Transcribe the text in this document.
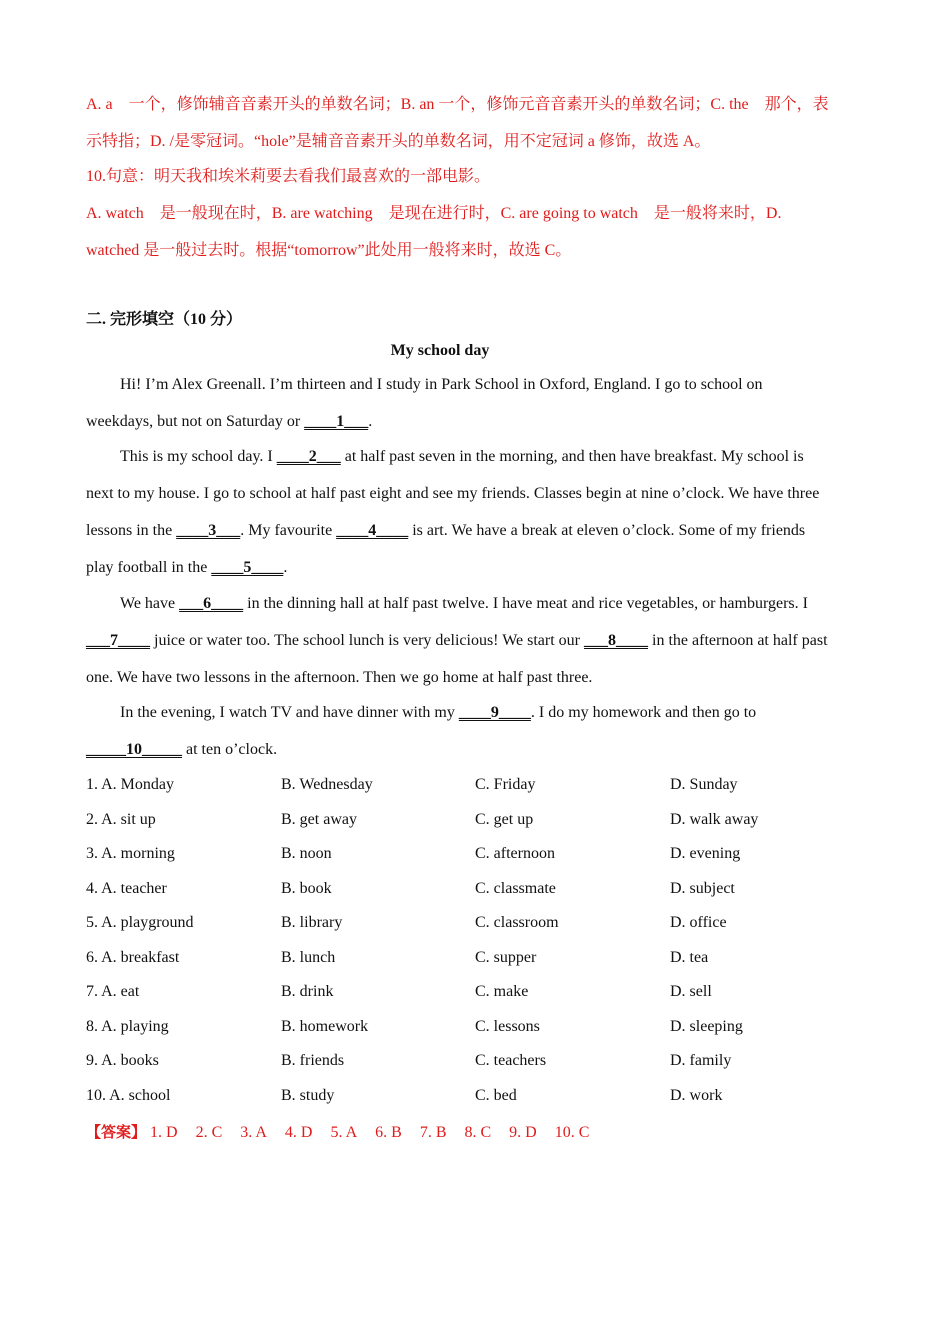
A. a　一个，修饰辅音音素开头的单数名词；B. an 一个，修饰元音音素开头的单数名词；C. the　那个，表
示特指；D. /是零冠词。“hole”是辅音音素开头的单数名词，用不定冠词 a 修饰，故选 A。
10.句意：明天我和埃米莉要去看我们最喜欢的一部电影。
A. watch　是一般现在时，B. are watching　是现在进行时，C. are going to watch　是一般将来时，D.
watched 是一般过去时。根据“tomorrow”此处用一般将来时，故选 C。
二. 完形填空（10 分）
My school day
Hi! I’m Alex Greenall. I’m thirteen and I study in Park School in Oxford, England. I go to school on
weekdays, but not on Saturday or ____1___.
This is my school day. I ____2___ at half past seven in the morning, and then have breakfast. My school is
next to my house. I go to school at half past eight and see my friends. Classes begin at nine o’clock. We have three
lessons in the ____3___. My favourite ____4____ is art. We have a break at eleven o’clock. Some of my friends
play football in the ____5____.
We have ___6____ in the dinning hall at half past twelve. I have meat and rice vegetables, or hamburgers. I
___7____ juice or water too. The school lunch is very delicious! We start our ___8____ in the afternoon at half past
one. We have two lessons in the afternoon. Then we go home at half past three.
In the evening, I watch TV and have dinner with my ____9____. I do my homework and then go to
_____10_____ at ten o’clock.
1. A. Monday	B. Wednesday	C. Friday	D. Sunday
2. A. sit up	B. get away	C. get up	D. walk away
3. A. morning	B. noon	C. afternoon	D. evening
4. A. teacher	B. book	C. classmate	D. subject
5. A. playground	B. library	C. classroom	D. office
6. A. breakfast	B. lunch	C. supper	D. tea
7. A. eat	B. drink	C. make	D. sell
8. A. playing	B. homework	C. lessons	D. sleeping
9. A. books	B. friends	C. teachers	D. family
10. A. school	B. study	C. bed	D. work
【答案】 1. D 2. C 3. A 4. D 5. A 6. B 7. B 8. C 9. D 10. C
